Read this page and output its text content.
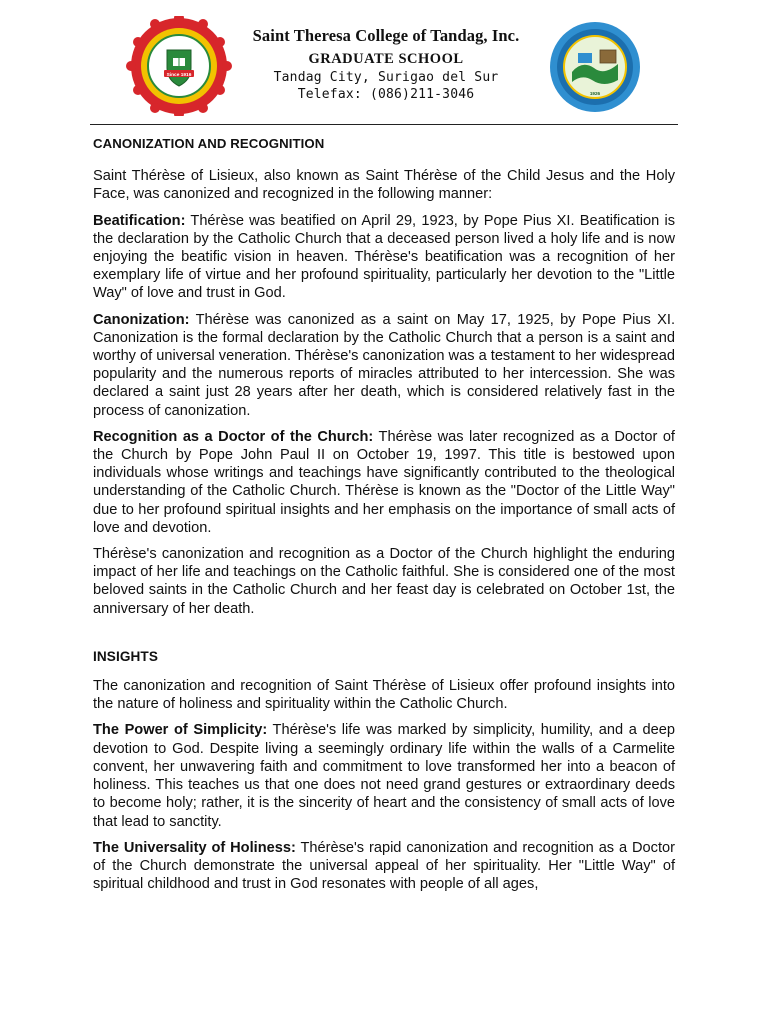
Since 1916
Saint Theresa College of Tandag, Inc.
GRADUATE SCHOOL
Tandag City, Surigao del Sur
Telefax: (086)211-3046	1926
CANONIZATION AND RECOGNITION

Saint Thérèse of Lisieux, also known as Saint Thérèse of the Child Jesus and the Holy Face, was canonized and recognized in the following manner:

Beatification: Thérèse was beatified on April 29, 1923, by Pope Pius XI. Beatification is the declaration by the Catholic Church that a deceased person lived a holy life and is now enjoying the beatific vision in heaven. Thérèse's beatification was a recognition of her exemplary life of virtue and her profound spirituality, particularly her devotion to the "Little Way" of love and trust in God.

Canonization: Thérèse was canonized as a saint on May 17, 1925, by Pope Pius XI. Canonization is the formal declaration by the Catholic Church that a person is a saint and worthy of universal veneration. Thérèse's canonization was a testament to her widespread popularity and the numerous reports of miracles attributed to her intercession. She was declared a saint just 28 years after her death, which is considered relatively fast in the process of canonization.

Recognition as a Doctor of the Church: Thérèse was later recognized as a Doctor of the Church by Pope John Paul II on October 19, 1997. This title is bestowed upon individuals whose writings and teachings have significantly contributed to the theological understanding of the Catholic Church. Thérèse is known as the "Doctor of the Little Way" due to her profound spiritual insights and her emphasis on the importance of small acts of love and devotion.

Thérèse's canonization and recognition as a Doctor of the Church highlight the enduring impact of her life and teachings on the Catholic faithful. She is considered one of the most beloved saints in the Catholic Church and her feast day is celebrated on October 1st, the anniversary of her death.

INSIGHTS

The canonization and recognition of Saint Thérèse of Lisieux offer profound insights into the nature of holiness and spirituality within the Catholic Church.

The Power of Simplicity: Thérèse's life was marked by simplicity, humility, and a deep devotion to God. Despite living a seemingly ordinary life within the walls of a Carmelite convent, her unwavering faith and commitment to love transformed her into a beacon of holiness. This teaches us that one does not need grand gestures or extraordinary deeds to become holy; rather, it is the sincerity of heart and the consistency of small acts of love that lead to sanctity.

The Universality of Holiness: Thérèse's rapid canonization and recognition as a Doctor of the Church demonstrate the universal appeal of her spirituality. Her "Little Way" of spiritual childhood and trust in God resonates with people of all ages,
